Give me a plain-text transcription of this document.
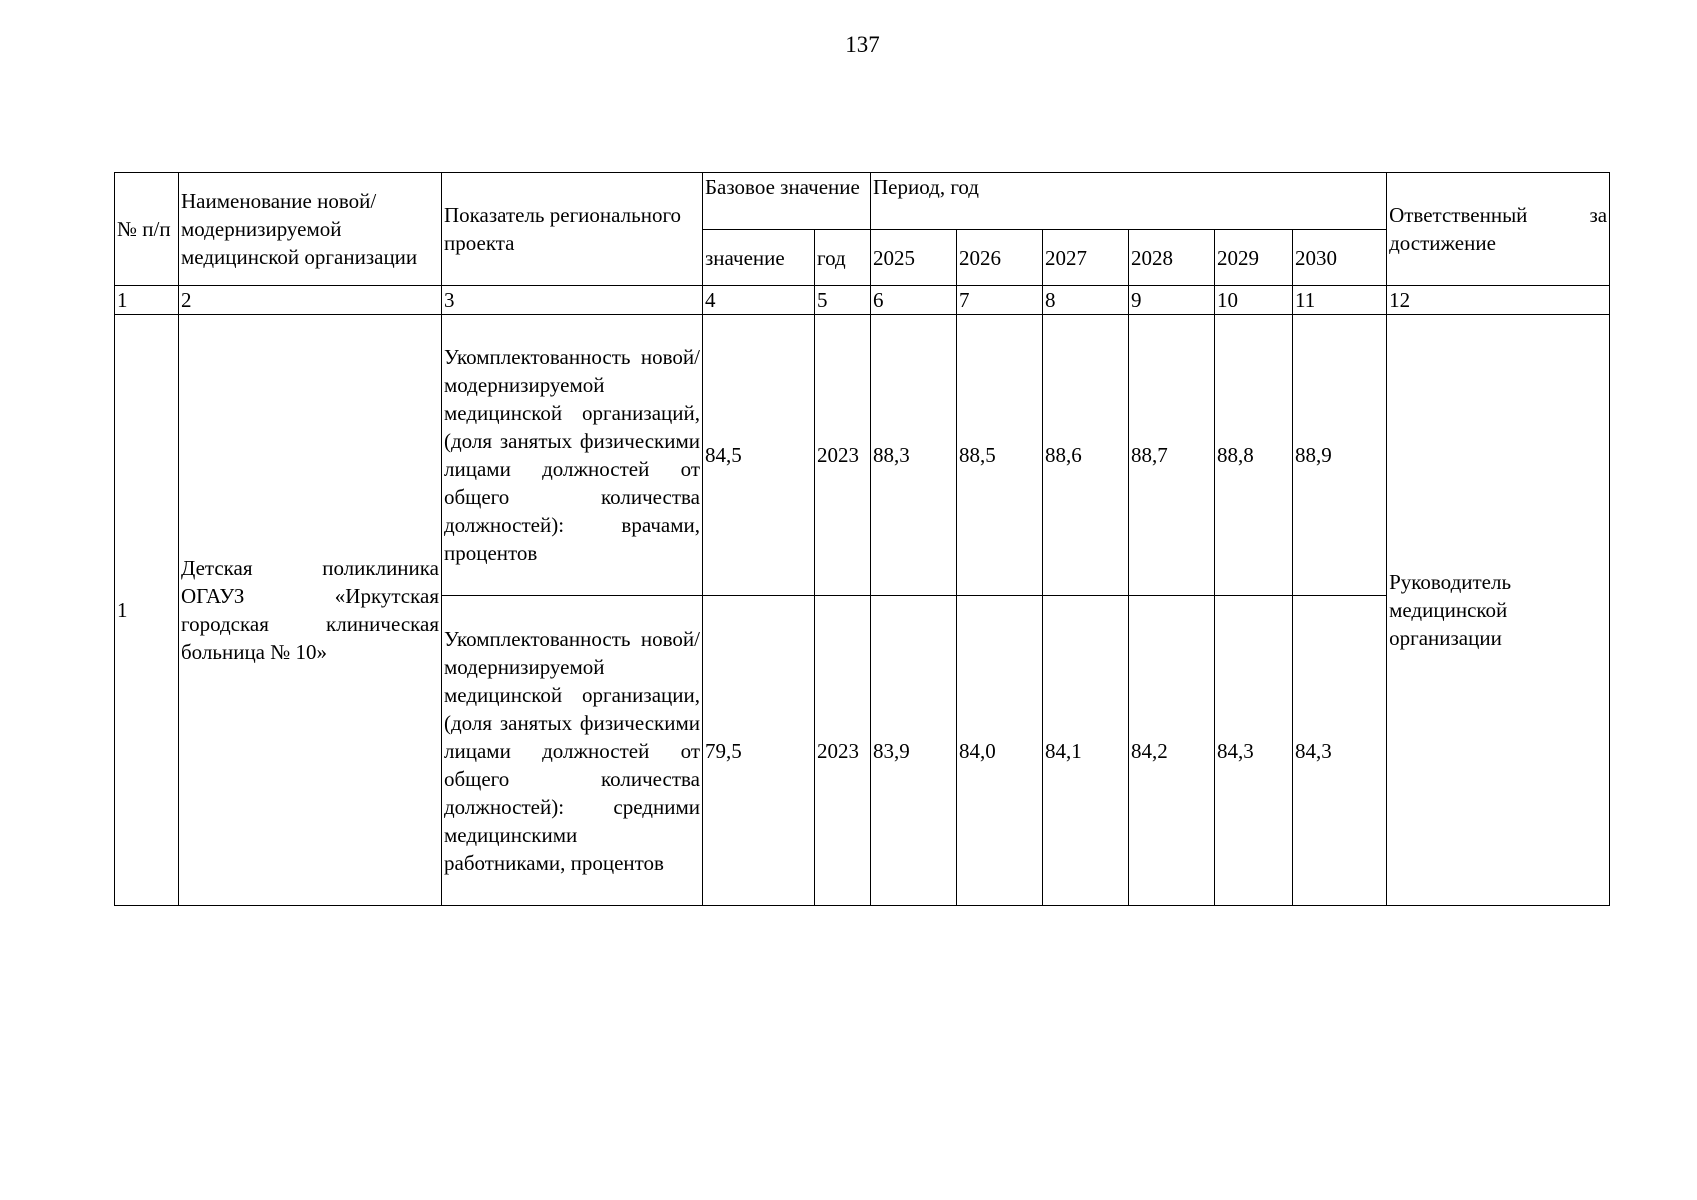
137
№ п/п	Наименование новой/модернизируемой медицинской организации	Показатель регионального проекта	Базовое значение		Период, год						Ответственный за достижение
			значение	год	2025	2026	2027	2028	2029	2030	
1	2	3	4	5	6	7	8	9	10	11	12
1	Детская поликлиника ОГАУЗ «Иркутская городская клиническая больница № 10»	Укомплектованность новой/модернизируемой медицинской организаций, (доля занятых физическими лицами должностей от общего количества должностей): врачами, процентов	84,5	2023	88,3	88,5	88,6	88,7	88,8	88,9	Руководитель медицинской организации
		Укомплектованность новой/модернизируемой медицинской организации, (доля занятых физическими лицами должностей от общего количества должностей): средними медицинскими работниками, процентов	79,5	2023	83,9	84,0	84,1	84,2	84,3	84,3	
